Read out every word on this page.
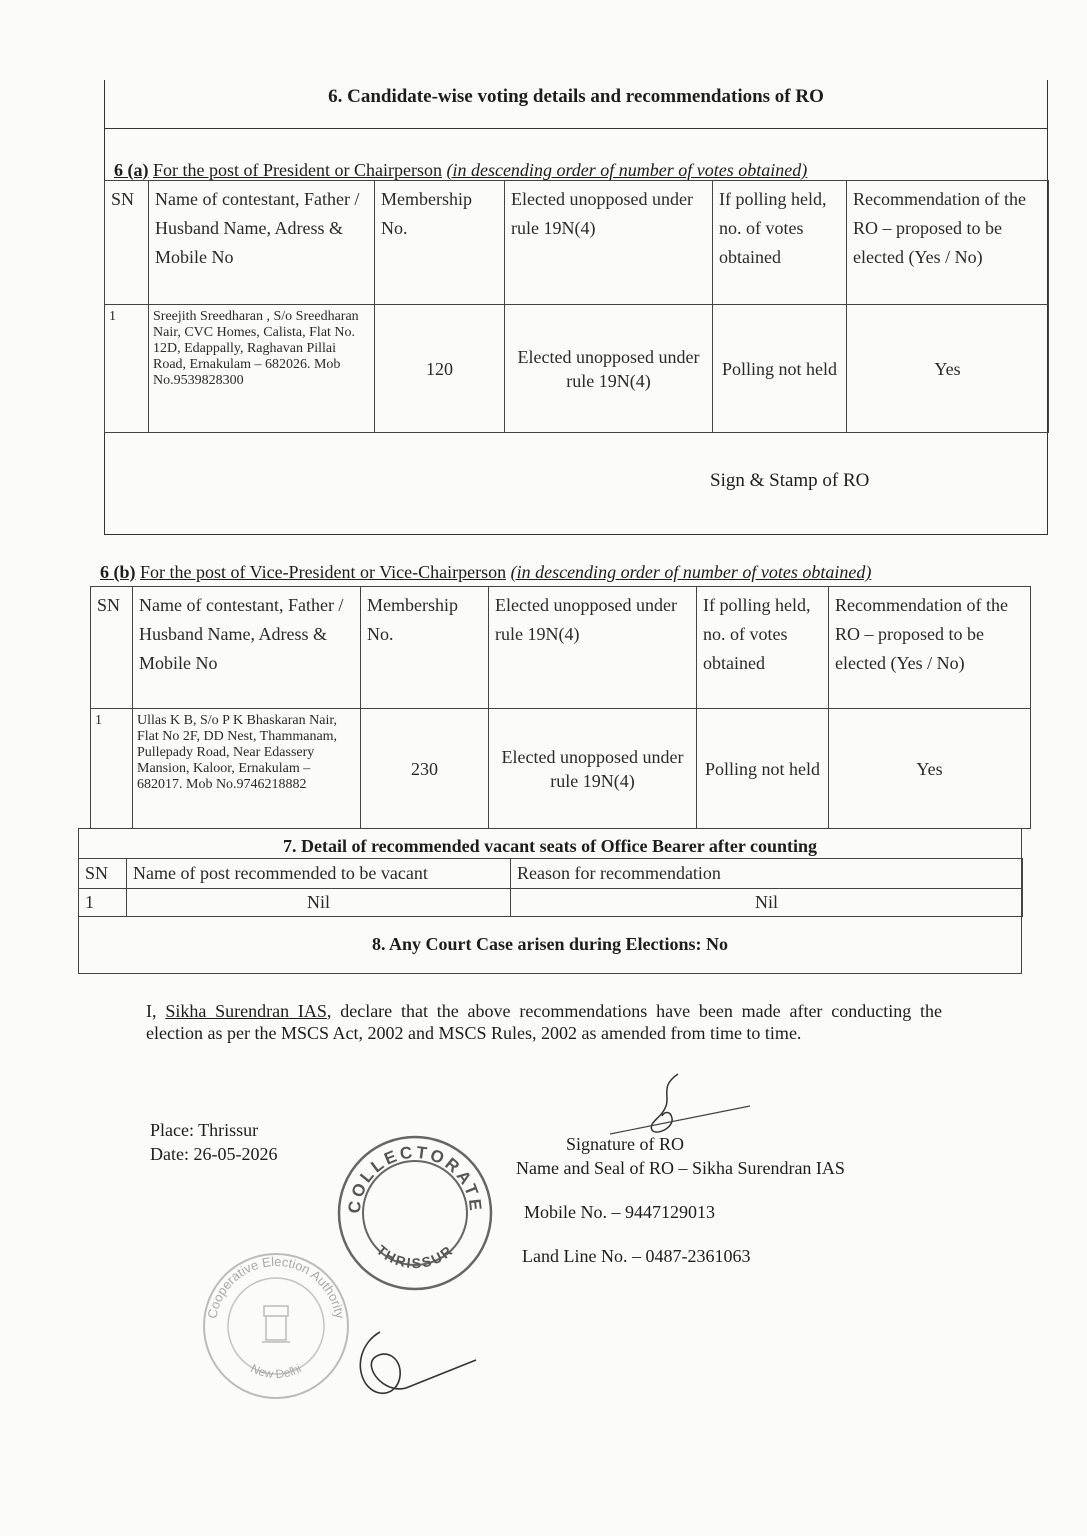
6. Candidate-wise voting details and recommendations of RO
6 (a) For the post of President or Chairperson (in descending order of number of votes obtained)
SN	Name of contestant, Father / Husband Name, Adress & Mobile No	Membership No.	Elected unopposed under rule 19N(4)	If polling held, no. of votes obtained	Recommendation of the RO – proposed to be elected (Yes / No)
1	Sreejith Sreedharan , S/o Sreedharan Nair, CVC Homes, Calista, Flat No. 12D, Edappally, Raghavan Pillai Road, Ernakulam – 682026. Mob No.9539828300	120	Elected unopposed under rule 19N(4)	Polling not held	Yes
Sign & Stamp of RO
6 (b) For the post of Vice-President or Vice-Chairperson (in descending order of number of votes obtained)
SN	Name of contestant, Father / Husband Name, Adress & Mobile No	Membership No.	Elected unopposed under rule 19N(4)	If polling held, no. of votes obtained	Recommendation of the RO – proposed to be elected (Yes / No)
1	Ullas K B, S/o P K Bhaskaran Nair, Flat No 2F, DD Nest, Thammanam, Pullepady Road, Near Edassery Mansion, Kaloor, Ernakulam – 682017. Mob No.9746218882	230	Elected unopposed under rule 19N(4)	Polling not held	Yes
7. Detail of recommended vacant seats of Office Bearer after counting
SN	Name of post recommended to be vacant	Reason for recommendation
1	Nil	Nil
8. Any Court Case arisen during Elections: No
I, Sikha Surendran IAS, declare that the above recommendations have been made after conducting the election as per the MSCS Act, 2002 and MSCS Rules, 2002 as amended from time to time.
Place: Thrissur
Date: 26-05-2026	Signature of RO
Name and Seal of RO – Sikha Surendran IAS
Mobile No. – 9447129013
Land Line No. – 0487-2361063
COLLECTORATE
THRISSUR
Cooperative Election Authority
New Delhi
